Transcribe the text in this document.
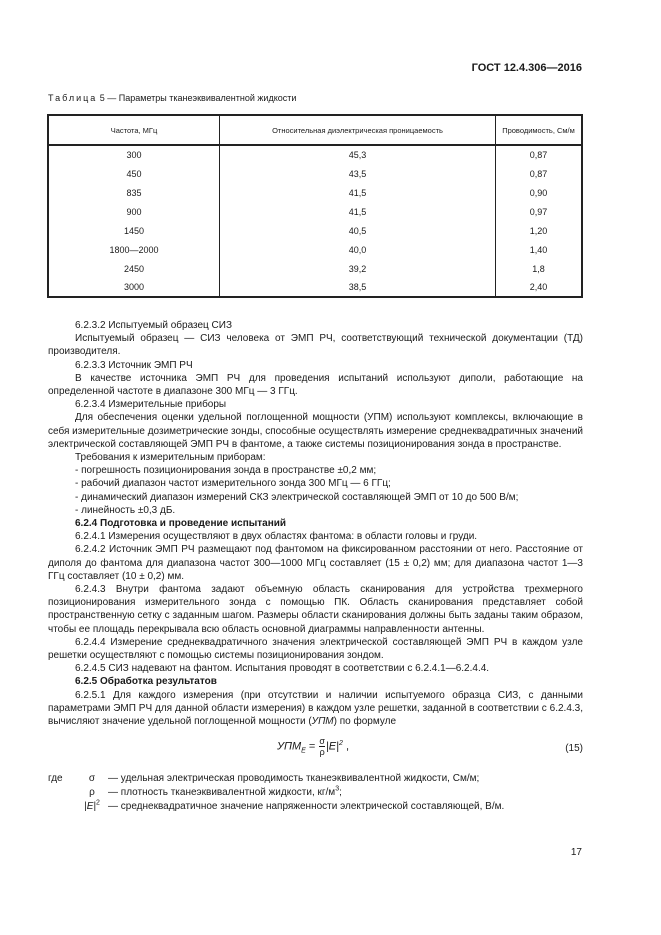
ГОСТ 12.4.306—2016
Таблица 5 — Параметры тканеэквивалентной жидкости
Частота, МГц	Относительная диэлектрическая проницаемость	Проводимость, См/м
300	45,3	0,87
450	43,5	0,87
835	41,5	0,90
900	41,5	0,97
1450	40,5	1,20
1800—2000	40,0	1,40
2450	39,2	1,8
3000	38,5	2,40

6.2.3.2 Испытуемый образец СИЗ

Испытуемый образец — СИЗ человека от ЭМП РЧ, соответствующий технической документации (ТД) производителя.

6.2.3.3 Источник ЭМП РЧ

В качестве источника ЭМП РЧ для проведения испытаний используют диполи, работающие на определенной частоте в диапазоне 300 МГц — 3 ГГц.

6.2.3.4 Измерительные приборы

Для обеспечения оценки удельной поглощенной мощности (УПМ) используют комплексы, включающие в себя измерительные дозиметрические зонды, способные осуществлять измерение среднеквадратичных значений электрической составляющей ЭМП РЧ в фантоме, а также системы позиционирования зонда в пространстве.

Требования к измерительным приборам:

- погрешность позиционирования зонда в пространстве ±0,2 мм;

- рабочий диапазон частот измерительного зонда 300 МГц — 6 ГГц;

- динамический диапазон измерений СКЗ электрической составляющей ЭМП от 10 до 500 В/м;

- линейность ±0,3 дБ.

6.2.4 Подготовка и проведение испытаний

6.2.4.1 Измерения осуществляют в двух областях фантома: в области головы и груди.

6.2.4.2 Источник ЭМП РЧ размещают под фантомом на фиксированном расстоянии от него. Расстояние от диполя до фантома для диапазона частот 300—1000 МГц составляет (15 ± 0,2) мм; для диапазона частот 1—3 ГГц составляет (10 ± 0,2) мм.

6.2.4.3 Внутри фантома задают объемную область сканирования для устройства трехмерного позиционирования измерительного зонда с помощью ПК. Область сканирования представляет собой пространственную сетку с заданным шагом. Размеры области сканирования должны быть заданы таким образом, чтобы ее площадь перекрывала всю область основной диаграммы направленности антенны.

6.2.4.4 Измерение среднеквадратичного значения электрической составляющей ЭМП РЧ в каждом узле решетки осуществляют с помощью системы позиционирования зондом.

6.2.4.5 СИЗ надевают на фантом. Испытания проводят в соответствии с 6.2.4.1—6.2.4.4.

6.2.5 Обработка результатов

6.2.5.1 Для каждого измерения (при отсутствии и наличии испытуемого образца СИЗ, с данными параметрами ЭМП РЧ для данной области измерения) в каждом узле решетки, заданной в соответствии с 6.2.4.3, вычисляют значение удельной поглощенной мощности (УПМ) по формуле

$УПМ_E = \frac{\sigma}{\rho} |E|^2$ ,	(15)
где	σ	— удельная электрическая проводимость тканеэквивалентной жидкости, См/м;
ρ	— плотность тканеэквивалентной жидкости, $кг/м^3$;
$|E|^2$ — среднеквадратичное значение напряженности электрической составляющей, В/м.
17
